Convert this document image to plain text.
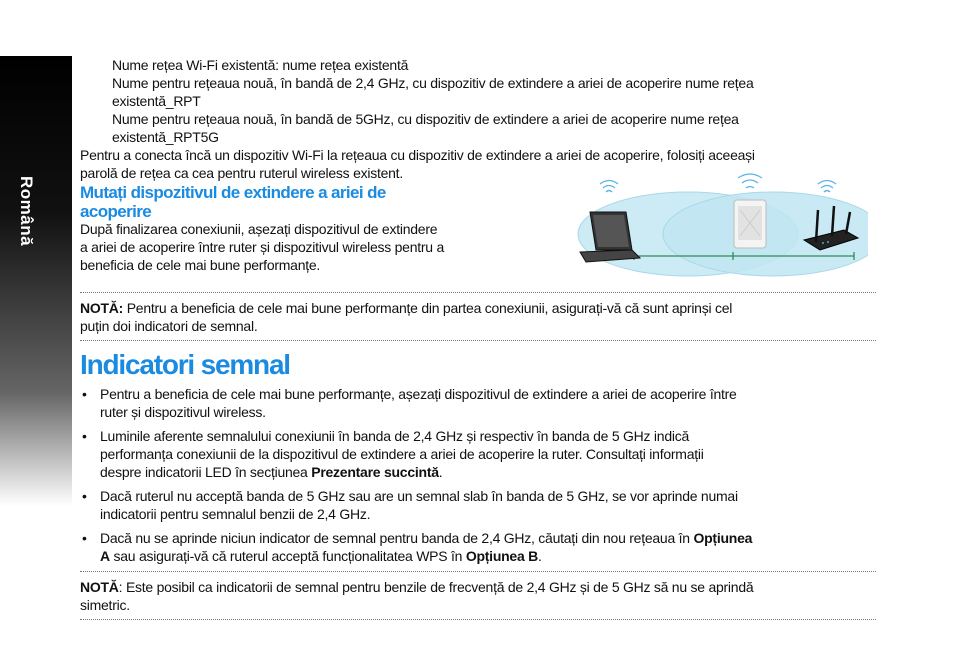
Română
Nume rețea Wi-Fi existentă: nume rețea existentă
Nume pentru rețeaua nouă, în bandă de 2,4 GHz, cu dispozitiv de extindere a ariei de acoperire nume rețea
existentă_RPT
Nume pentru rețeaua nouă, în bandă de 5GHz, cu dispozitiv de extindere a ariei de acoperire nume rețea
existentă_RPT5G
Pentru a conecta încă un dispozitiv Wi-Fi la rețeaua cu dispozitiv de extindere a ariei de acoperire, folosiți aceeași
parolă de rețea ca cea pentru ruterul wireless existent.
Mutați dispozitivul de extindere a ariei de
acoperire
După finalizarea conexiunii, așezați dispozitivul de extindere
a ariei de acoperire între ruter și dispozitivul wireless pentru a
beneficia de cele mai bune performanțe.
NOTĂ: Pentru a beneficia de cele mai bune performanțe din partea conexiunii, asigurați-vă că sunt aprinși cel
puțin doi indicatori de semnal.
Indicatori semnal
• Pentru a beneficia de cele mai bune performanțe, așezați dispozitivul de extindere a ariei de acoperire între
ruter și dispozitivul wireless.
• Luminile aferente semnalului conexiunii în banda de 2,4 GHz și respectiv în banda de 5 GHz indică
performanța conexiunii de la dispozitivul de extindere a ariei de acoperire la ruter. Consultați informații
despre indicatorii LED în secțiunea Prezentare succintă.
• Dacă ruterul nu acceptă banda de 5 GHz sau are un semnal slab în banda de 5 GHz, se vor aprinde numai
indicatorii pentru semnalul benzii de 2,4 GHz.
• Dacă nu se aprinde niciun indicator de semnal pentru banda de 2,4 GHz, căutați din nou rețeaua în Opțiunea
A sau asigurați-vă că ruterul acceptă funcționalitatea WPS în Opțiunea B.
NOTĂ: Este posibil ca indicatorii de semnal pentru benzile de frecvență de 2,4 GHz și de 5 GHz să nu se aprindă
simetric.
